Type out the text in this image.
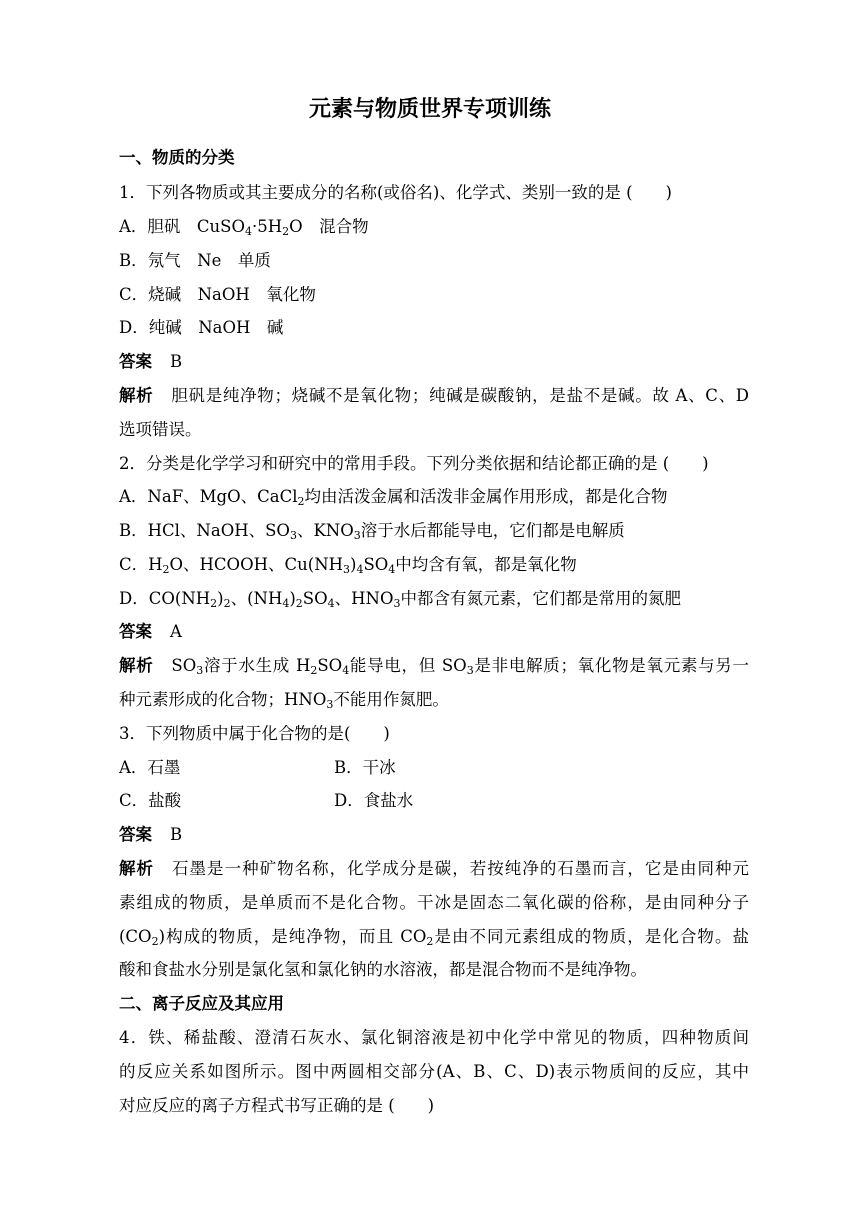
元素与物质世界专项训练
一、物质的分类
1．下列各物质或其主要成分的名称(或俗名)、化学式、类别一致的是 (　　)
A．胆矾　$CuSO_4\cdot 5H_2O$　混合物
B．氖气　Ne　单质
C．烧碱　NaOH　氧化物
D．纯碱　NaOH　碱
答案 B
解析 胆矾是纯净物；烧碱不是氧化物；纯碱是碳酸钠，是盐不是碱。故 A、C、D
选项错误。
2．分类是化学学习和研究中的常用手段。下列分类依据和结论都正确的是 (　　)
A．NaF、MgO、CaCl$_2$均由活泼金属和活泼非金属作用形成，都是化合物
B．HCl、NaOH、$SO_3$、$KNO_3$溶于水后都能导电，它们都是电解质
C．$H_2O$、HCOOH、$Cu(NH_3)_4SO_4$中均含有氧，都是氧化物
D．$CO(NH_2)_2$、$(NH_4)_2SO_4$、$HNO_3$中都含有氮元素，它们都是常用的氮肥
答案 A
解析 $SO_3$溶于水生成 $H_2SO_4$能导电，但 $SO_3$是非电解质；氧化物是氧元素与另一
种元素形成的化合物；$HNO_3$不能用作氮肥。
3．下列物质中属于化合物的是(　　)
A．石墨	B．干冰
C．盐酸	D．食盐水
答案 B
解析 石墨是一种矿物名称，化学成分是碳，若按纯净的石墨而言，它是由同种元
素组成的物质，是单质而不是化合物。干冰是固态二氧化碳的俗称，是由同种分子
$(CO_2)$构成的物质，是纯净物，而且 $CO_2$是由不同元素组成的物质，是化合物。盐
酸和食盐水分别是氯化氢和氯化钠的水溶液，都是混合物而不是纯净物。
二、离子反应及其应用
4．铁、稀盐酸、澄清石灰水、氯化铜溶液是初中化学中常见的物质，四种物质间
的反应关系如图所示。图中两圆相交部分(A、B、C、D)表示物质间的反应，其中
对应反应的离子方程式书写正确的是 (　　)
